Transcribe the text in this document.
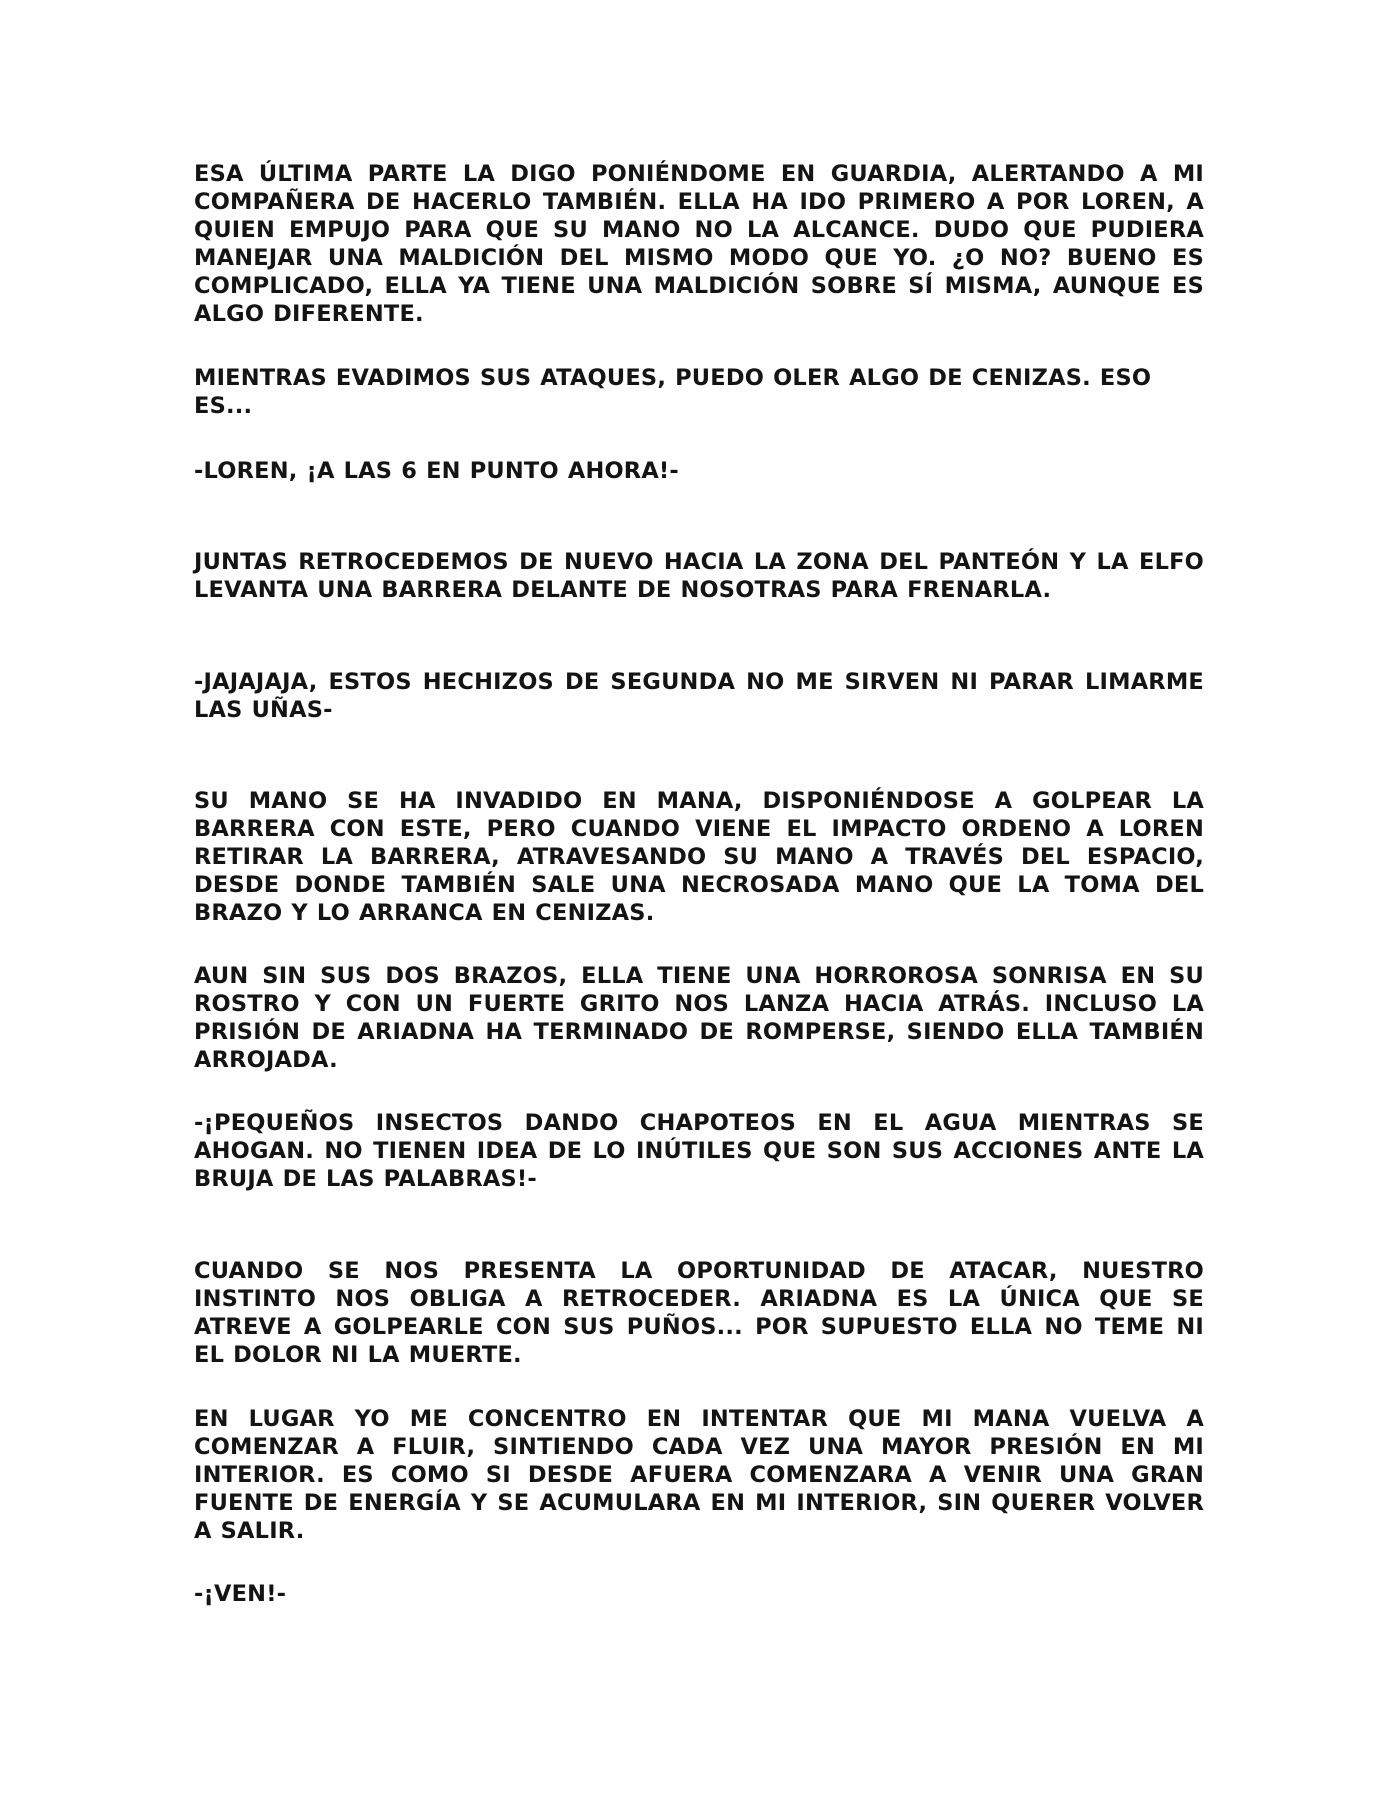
ESA ÚLTIMA PARTE LA DIGO PONIÉNDOME EN GUARDIA, ALERTANDO A MI COMPAÑERA DE HACERLO TAMBIÉN. ELLA HA IDO PRIMERO A POR LOREN, A QUIEN EMPUJO PARA QUE SU MANO NO LA ALCANCE. DUDO QUE PUDIERA MANEJAR UNA MALDICIÓN DEL MISMO MODO QUE YO. ¿O NO? BUENO ES COMPLICADO, ELLA YA TIENE UNA MALDICIÓN SOBRE SÍ MISMA, AUNQUE ES ALGO DIFERENTE.

MIENTRAS EVADIMOS SUS ATAQUES, PUEDO OLER ALGO DE CENIZAS. ESO ES...

-LOREN, ¡A LAS 6 EN PUNTO AHORA!-

JUNTAS RETROCEDEMOS DE NUEVO HACIA LA ZONA DEL PANTEÓN Y LA ELFO LEVANTA UNA BARRERA DELANTE DE NOSOTRAS PARA FRENARLA.

-JAJAJAJA, ESTOS HECHIZOS DE SEGUNDA NO ME SIRVEN NI PARAR LIMARME LAS UÑAS-

SU MANO SE HA INVADIDO EN MANA, DISPONIÉNDOSE A GOLPEAR LA BARRERA CON ESTE, PERO CUANDO VIENE EL IMPACTO ORDENO A LOREN RETIRAR LA BARRERA, ATRAVESANDO SU MANO A TRAVÉS DEL ESPACIO, DESDE DONDE TAMBIÉN SALE UNA NECROSADA MANO QUE LA TOMA DEL BRAZO Y LO ARRANCA EN CENIZAS.

AUN SIN SUS DOS BRAZOS, ELLA TIENE UNA HORROROSA SONRISA EN SU ROSTRO Y CON UN FUERTE GRITO NOS LANZA HACIA ATRÁS. INCLUSO LA PRISIÓN DE ARIADNA HA TERMINADO DE ROMPERSE, SIENDO ELLA TAMBIÉN ARROJADA.

-¡PEQUEÑOS INSECTOS DANDO CHAPOTEOS EN EL AGUA MIENTRAS SE AHOGAN. NO TIENEN IDEA DE LO INÚTILES QUE SON SUS ACCIONES ANTE LA BRUJA DE LAS PALABRAS!-

CUANDO SE NOS PRESENTA LA OPORTUNIDAD DE ATACAR, NUESTRO INSTINTO NOS OBLIGA A RETROCEDER. ARIADNA ES LA ÚNICA QUE SE ATREVE A GOLPEARLE CON SUS PUÑOS... POR SUPUESTO ELLA NO TEME NI EL DOLOR NI LA MUERTE.

EN LUGAR YO ME CONCENTRO EN INTENTAR QUE MI MANA VUELVA A COMENZAR A FLUIR, SINTIENDO CADA VEZ UNA MAYOR PRESIÓN EN MI INTERIOR. ES COMO SI DESDE AFUERA COMENZARA A VENIR UNA GRAN FUENTE DE ENERGÍA Y SE ACUMULARA EN MI INTERIOR, SIN QUERER VOLVER A SALIR.

-¡VEN!-
